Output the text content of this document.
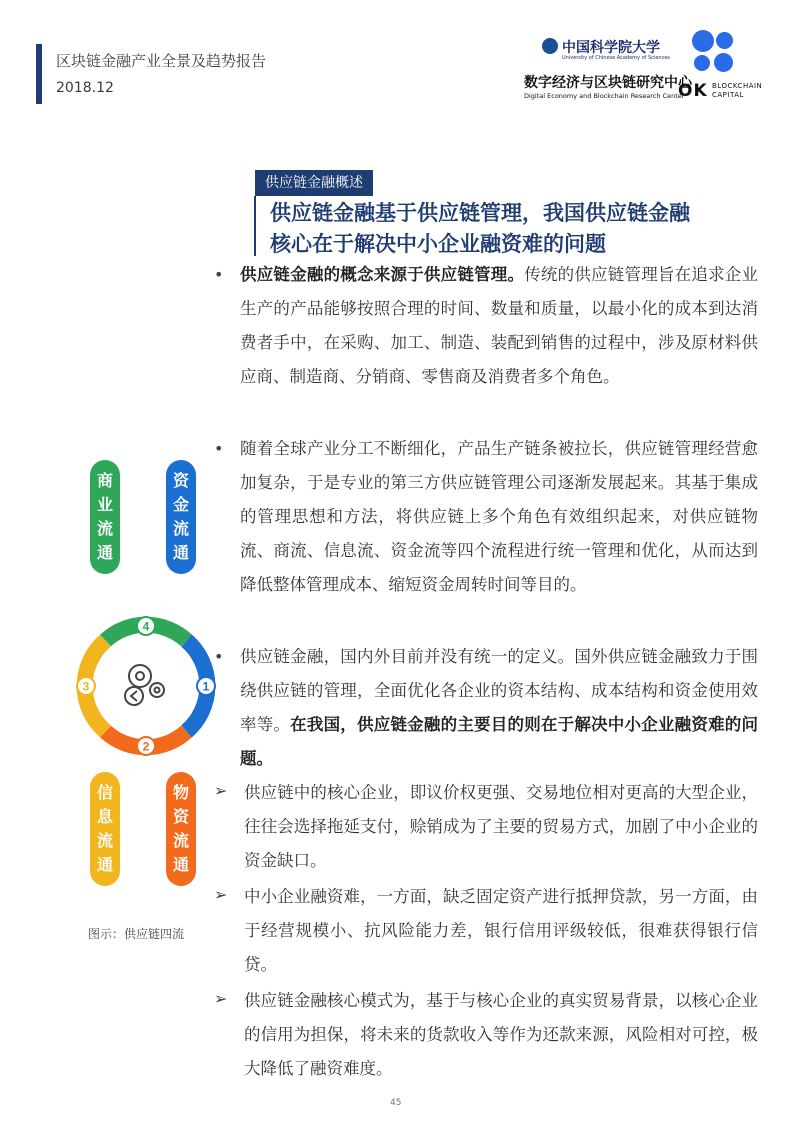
区块链金融产业全景及趋势报告
2018.12
中国科学院大学
University of Chinese Academy of Sciences
数字经济与区块链研究中心
Digital Economy and Blockchain Research Center
OK BLOCKCHAIN
CAPITAL
供应链金融概述
供应链金融基于供应链管理，我国供应链金融
核心在于解决中小企业融资难的问题
• 供应链金融的概念来源于供应链管理。传统的供应链管理旨在追求企业生产的产品能够按照合理的时间、数量和质量，以最小化的成本到达消费者手中，在采购、加工、制造、装配到销售的过程中，涉及原材料供应商、制造商、分销商、零售商及消费者多个角色。
• 随着全球产业分工不断细化，产品生产链条被拉长，供应链管理经营愈加复杂，于是专业的第三方供应链管理公司逐渐发展起来。其基于集成的管理思想和方法，将供应链上多个角色有效组织起来，对供应链物流、商流、信息流、资金流等四个流程进行统一管理和优化，从而达到降低整体管理成本、缩短资金周转时间等目的。
• 供应链金融，国内外目前并没有统一的定义。国外供应链金融致力于围绕供应链的管理，全面优化各企业的资本结构、成本结构和资金使用效率等。在我国，供应链金融的主要目的则在于解决中小企业融资难的问题。
➢ 供应链中的核心企业，即议价权更强、交易地位相对更高的大型企业，往往会选择拖延支付，赊销成为了主要的贸易方式，加剧了中小企业的资金缺口。
➢ 中小企业融资难，一方面，缺乏固定资产进行抵押贷款，另一方面，由于经营规模小、抗风险能力差，银行信用评级较低，很难获得银行信贷。
➢ 供应链金融核心模式为，基于与核心企业的真实贸易背景，以核心企业的信用为担保，将未来的货款收入等作为还款来源，风险相对可控，极大降低了融资难度。
商业流通
资金流通
信息流通
物资流通
1
2
3
4
图示：供应链四流
45
